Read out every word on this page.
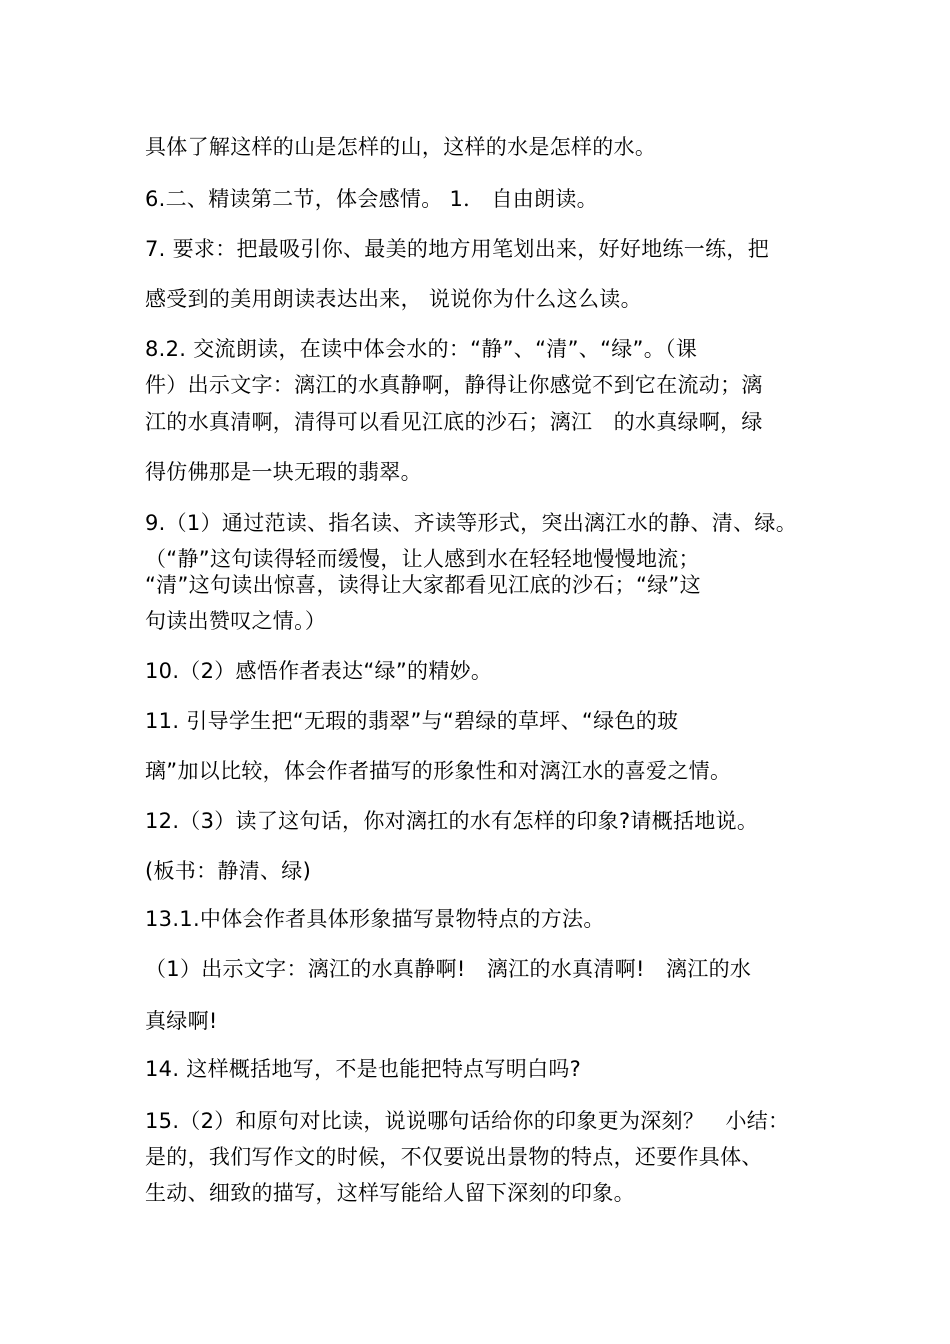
具体了解这样的山是怎样的山，这样的水是怎样的水。
6.二、精读第二节，体会感情。 1． 自由朗读。
7. 要求：把最吸引你、最美的地方用笔划出来，好好地练一练，把
感受到的美用朗读表达出来， 说说你为什么这么读。
8.2. 交流朗读，在读中体会水的：“静”、“清”、“绿”。（课
件）出示文字：漓江的水真静啊，静得让你感觉不到它在流动；漓
江的水真清啊，清得可以看见江底的沙石；漓江　的水真绿啊，绿
得仿佛那是一块无瑕的翡翠。
9.（1）通过范读、指名读、齐读等形式，突出漓江水的静、清、绿。
（“静”这句读得轻而缓慢，让人感到水在轻轻地慢慢地流；
“清”这句读出惊喜，读得让大家都看见江底的沙石；“绿”这
句读出赞叹之情。）
10.（2）感悟作者表达“绿”的精妙。
11. 引导学生把“无瑕的翡翠”与“碧绿的草坪、“绿色的玻
璃”加以比较，体会作者描写的形象性和对漓江水的喜爱之情。
12.（3）读了这句话，你对漓扛的水有怎样的印象?请概括地说。
(板书：静清、绿)
13.1.中体会作者具体形象描写景物特点的方法。
（1）出示文字：漓江的水真静啊!　漓江的水真清啊!　漓江的水
真绿啊!
14. 这样概括地写，不是也能把特点写明白吗?
15.（2）和原句对比读，说说哪句话给你的印象更为深刻？　小结：
是的，我们写作文的时候，不仅要说出景物的特点，还要作具体、
生动、细致的描写，这样写能给人留下深刻的印象。
